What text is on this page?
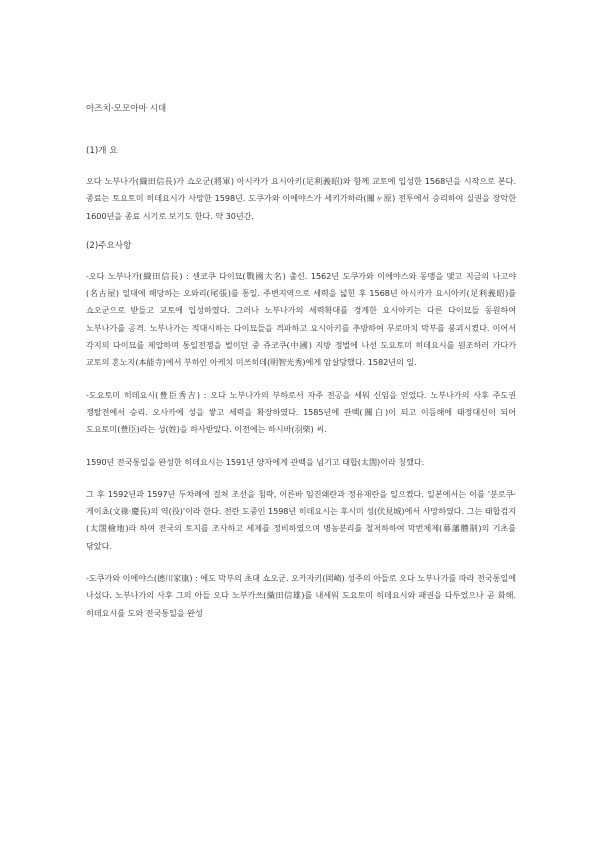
아즈치·모모아마 시대

(1)개 요

오다 노부나가(織田信長)가 쇼오군(將軍) 아시카가 요시아키(足利義昭)와 함께 교토에 입성한 1568년을 시작으로 본다. 종료는 토요토미 히데요시가 사망한 1598년. 도쿠가와 이에야스가 세키가하라(關ヶ原) 전투에서 승리하여 실권을 장악한 1600년을 종료 시기로 보기도 한다. 약 30년간.

(2)주요사항

-오다 노부나가(織田信長) : 센코쿠 다이묘(戰國大名) 출신. 1562년 도쿠가와 이에야스와 동맹을 맺고 지금의 나고야(名古屋) 일대에 해당하는 오와리(尾張)를 통일. 주변지역으로 세력을 넓힌 후 1568년 아시카가 요시아키(足利義昭)를 쇼오군으로 받들고 교토에 입성하였다. 그러나 노부나가의 세력확대를 경계한 요시아키는 다른 다이묘들 동원하여 노부나가를 공격. 노부나가는 적대시하는 다이묘들을 격파하고 요시아키를 추방하여 무로마치 막부를 붕괴시켰다. 이어서 각지의 다이묘를 제압하며 통일전쟁을 벌이던 중 쥬코쿠(中國) 지방 정벌에 나선 도요토미 히데요시를 원조하러 가다가 교토의 혼노지(本能寺)에서 부하인 아케치 미쓰히데(明智光秀)에게 암살당했다. 1582년의 일.

-도요토미 히데요시(豊臣秀吉) : 오다 노부나가의 부하로서 자주 전공을 세워 신임을 얻었다. 노부나가의 사후 주도권 쟁탈전에서 승리. 오사카에 성을 쌓고 세력을 확장하였다. 1585년에 관백(關白)이 되고 이듬해에 태정대신이 되어 도요토미(豊臣)라는 성(姓)을 하사받았다. 이전에는 하시바(羽柴) 씨.

1590년 전국통일을 완성한 히데요시는 1591년 양자에게 관백을 넘기고 태합(太閤)이라 칭했다.

그 후 1592년과 1597년 두차례에 걸쳐 조선을 침략, 이른바 임진왜란과 정유재란을 일으켰다. 일본에서는 이를 '분로쿠·게이쵸(文祿·慶長)의 역(役)'이라 한다. 전란 도중인 1598년 히데요시는 후시미 성(伏見城)에서 사망하였다. 그는 태합검지(太閤檢地)라 하여 전국의 토지를 조사하고 세제를 정비하였으며 병농분리를 철저하하여 막번체제(幕藩體制)의 기초를 닦았다.

-도쿠가와 이에야스(德川家康) : 에도 막부의 초대 쇼오군. 오카자키(岡崎) 성주의 아들로 오다 노부나가를 따라 전국통일에 나섰다. 노부나가의 사후 그의 아들 오다 노부카쓰(織田信雄)를 내세워 도요토미 히데요시와 패권을 다투었으나 곧 화해. 히데요시를 도와 전국통일을 완성
